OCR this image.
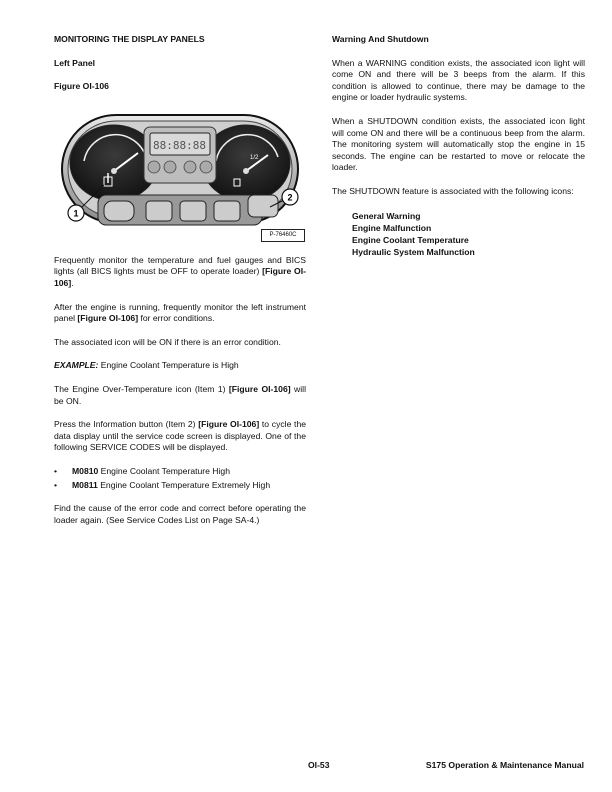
MONITORING THE DISPLAY PANELS
Left Panel
Figure OI-106
1/2
88:88:88
1
2
P-76460C

Frequently monitor the temperature and fuel gauges and BICS lights (all BICS lights must be OFF to operate loader) [Figure OI-106].

After the engine is running, frequently monitor the left instrument panel [Figure OI-106] for error conditions.

The associated icon will be ON if there is an error condition.

EXAMPLE: Engine Coolant Temperature is High

The Engine Over-Temperature icon (Item 1) [Figure OI-106] will be ON.

Press the Information button (Item 2) [Figure OI-106] to cycle the data display until the service code screen is displayed. One of the following SERVICE CODES will be displayed.

•	M0810 Engine Coolant Temperature High
•	M0811 Engine Coolant Temperature Extremely High

Find the cause of the error code and correct before operating the loader again. (See Service Codes List on Page SA-4.)

Warning And Shutdown

When a WARNING condition exists, the associated icon light will come ON and there will be 3 beeps from the alarm. If this condition is allowed to continue, there may be damage to the engine or loader hydraulic systems.

When a SHUTDOWN condition exists, the associated icon light will come ON and there will be a continuous beep from the alarm. The monitoring system will automatically stop the engine in 15 seconds. The engine can be restarted to move or relocate the loader.

The SHUTDOWN feature is associated with the following icons:

General Warning
Engine Malfunction
Engine Coolant Temperature
Hydraulic System Malfunction
OI-53	S175 Operation & Maintenance Manual
